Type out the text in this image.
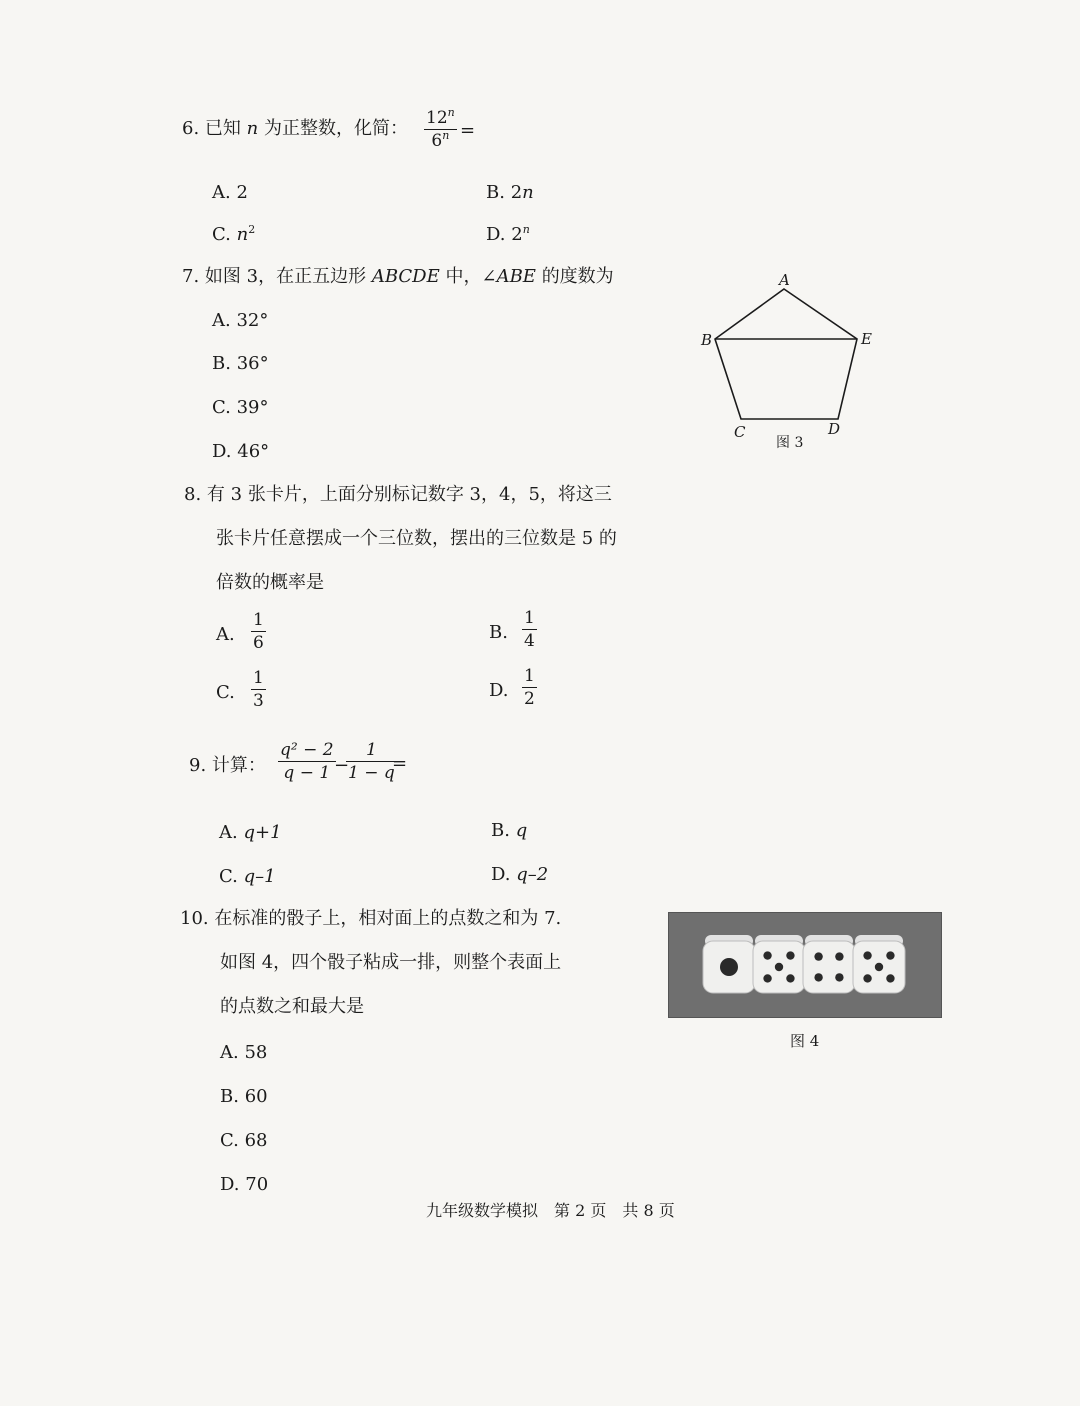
6. 已知 n 为正整数，化简： 12$^n$
$6^n$ =
A. 2	B. 2n
C. $n^2$	D. 2$^n$
7. 如图 3，在正五边形 ABCDE 中，∠ABE 的度数为
A. 32°
B. 36°
C. 39°
D. 46°
A
B
C	D
E
图 3
8. 有 3 张卡片，上面分别标记数字 3，4，5，将这三
张卡片任意摆成一个三位数，摆出的三位数是 5 的
倍数的概率是
A.
1
6	B.
1
4
C.
1
3	D.
1
2
9. 计算：
q² − 2
q − 1 −
1
1 − q
=
A. q+1	B. q
C. q–1	D. q–2
10. 在标准的骰子上，相对面上的点数之和为 7.
如图 4，四个骰子粘成一排，则整个表面上
的点数之和最大是
A. 58
B. 60
C. 68
D. 70
图 4
九年级数学模拟　第 2 页　共 8 页
